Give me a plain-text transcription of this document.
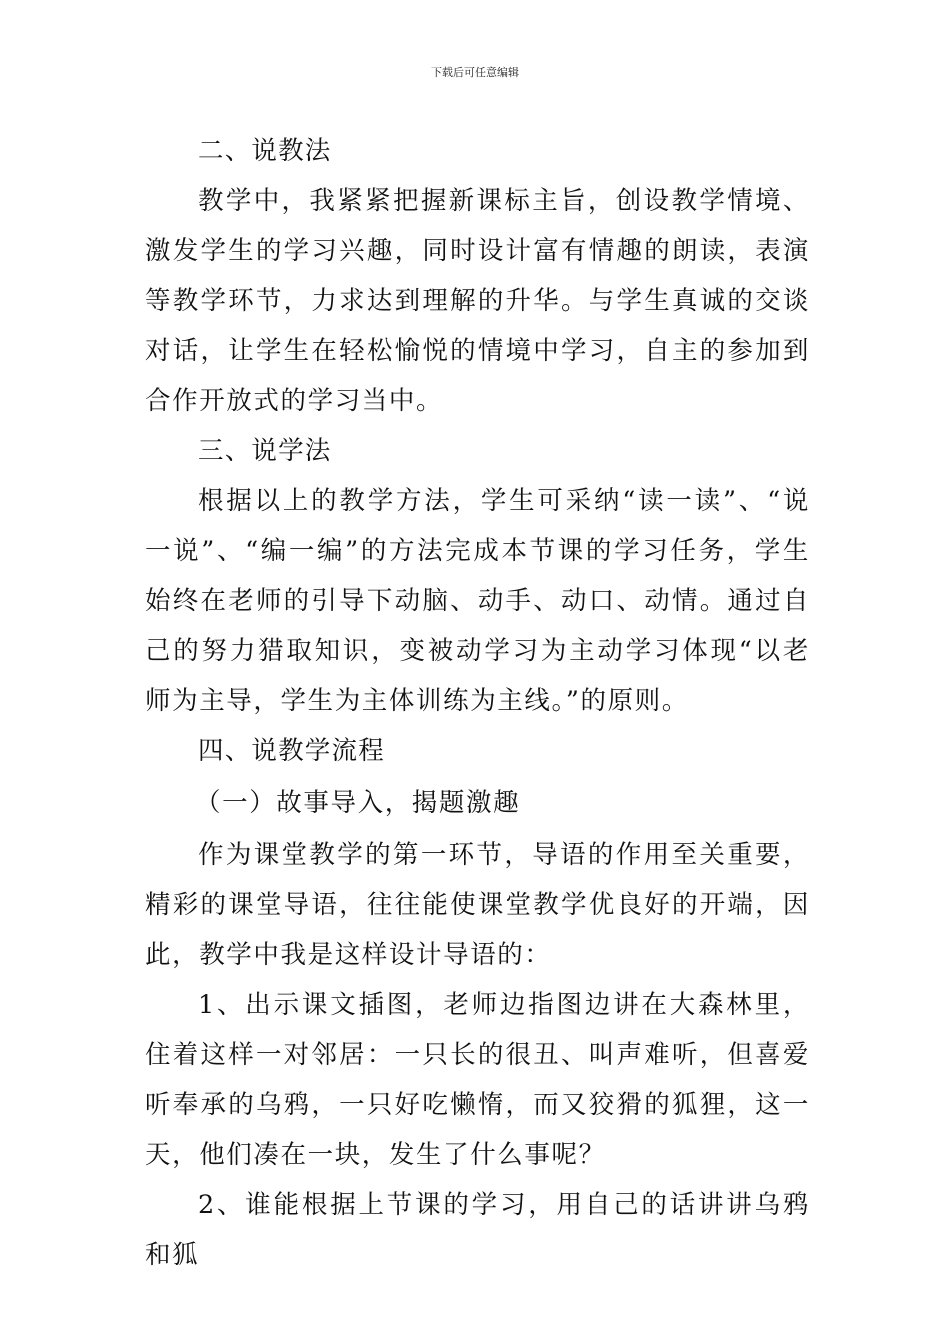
下载后可任意编辑

二、说教法

教学中，我紧紧把握新课标主旨，创设教学情境、激发学生的学习兴趣，同时设计富有情趣的朗读，表演等教学环节，力求达到理解的升华。与学生真诚的交谈对话，让学生在轻松愉悦的情境中学习，自主的参加到合作开放式的学习当中。

三、说学法

根据以上的教学方法，学生可采纳“读一读”、“说一说”、“编一编”的方法完成本节课的学习任务，学生始终在老师的引导下动脑、动手、动口、动情。通过自己的努力猎取知识，变被动学习为主动学习体现“以老师为主导，学生为主体训练为主线。”的原则。

四、说教学流程

（一）故事导入，揭题激趣

作为课堂教学的第一环节，导语的作用至关重要，精彩的课堂导语，往往能使课堂教学优良好的开端，因此，教学中我是这样设计导语的：

1、出示课文插图，老师边指图边讲在大森林里，住着这样一对邻居：一只长的很丑、叫声难听，但喜爱听奉承的乌鸦，一只好吃懒惰，而又狡猾的狐狸，这一天，他们凑在一块，发生了什么事呢？

2、谁能根据上节课的学习，用自己的话讲讲乌鸦和狐
